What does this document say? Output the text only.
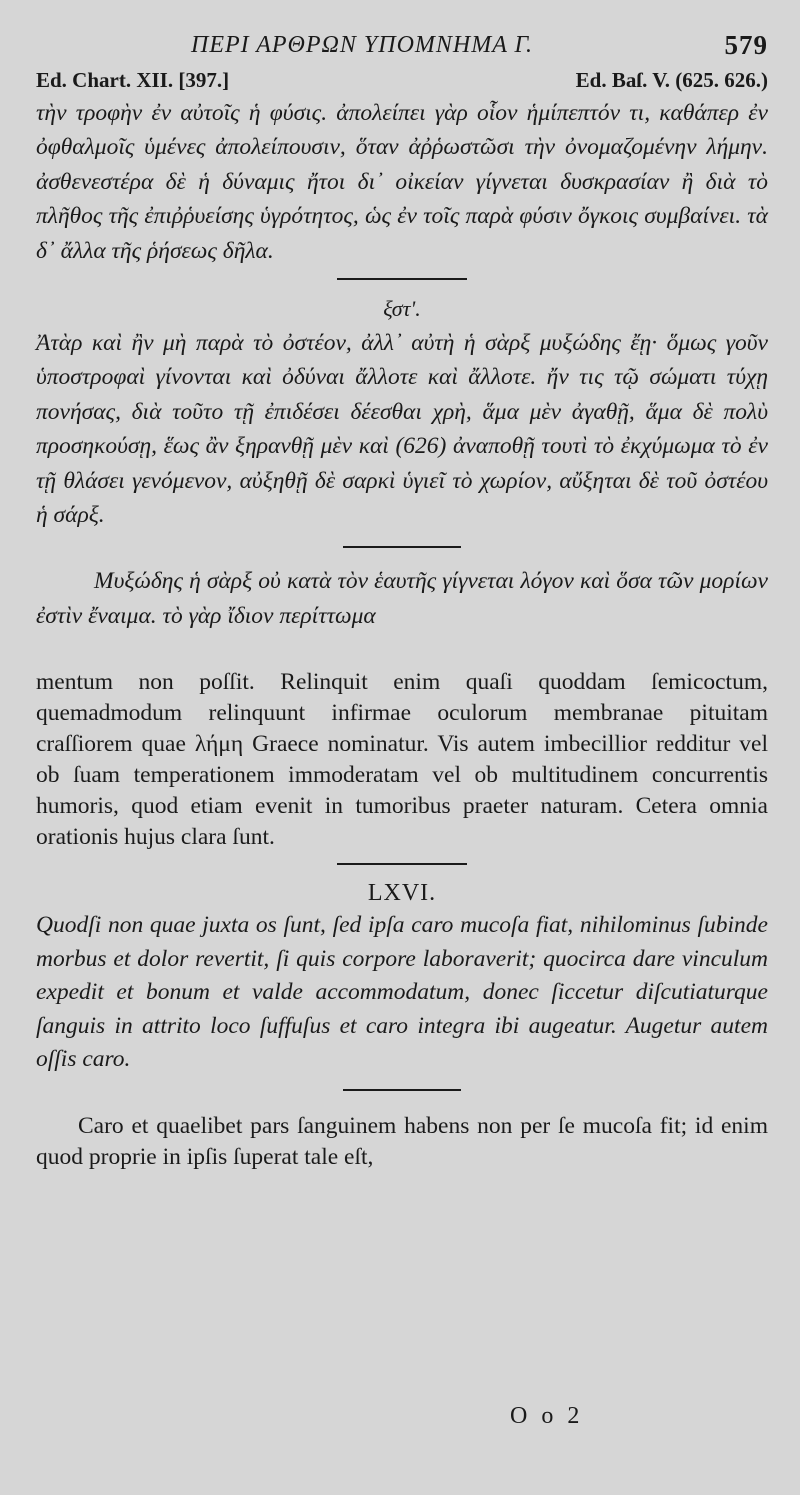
ΠΕΡΙ ΑΡΘΡΩΝ ΥΠΟΜΝΗΜΑ Γ.	579
Ed. Chart. XII. [397.]	Ed. Baſ. V. (625. 626.)

τὴν τροφὴν ἐν αὐτοῖς ἡ φύσις. ἀπολείπει γὰρ οἷον ἡμίπεπτόν τι, καθάπερ ἐν ὀφθαλμοῖς ὑμένες ἀπολείπουσιν, ὅταν ἀῤῥωστῶσι τὴν ὀνομαζομένην λήμην. ἀσθενεστέρα δὲ ἡ δύναμις ἤτοι δι᾽ οἰκείαν γίγνεται δυσκρασίαν ἢ διὰ τὸ πλῆθος τῆς ἐπιῤῥυείσης ὑγρότητος, ὡς ἐν τοῖς παρὰ φύσιν ὄγκοις συμβαίνει. τὰ δ᾽ ἄλλα τῆς ῥήσεως δῆλα.

ξστ'.

Ἀτὰρ καὶ ἢν μὴ παρὰ τὸ ὀστέον, ἀλλ᾽ αὐτὴ ἡ σὰρξ μυξώδης ἔῃ· ὅμως γοῦν ὑποστροφαὶ γίνονται καὶ ὀδύναι ἄλλοτε καὶ ἄλλοτε. ἤν τις τῷ σώματι τύχῃ πονήσας, διὰ τοῦτο τῇ ἐπιδέσει δέεσθαι χρὴ, ἅμα μὲν ἀγαθῇ, ἅμα δὲ πολὺ προσηκούσῃ, ἕως ἂν ξηρανθῇ μὲν καὶ (626) ἀναποθῇ τουτὶ τὸ ἐκχύμωμα τὸ ἐν τῇ θλάσει γενόμενον, αὐξηθῇ δὲ σαρκὶ ὑγιεῖ τὸ χωρίον, αὔξηται δὲ τοῦ ὀστέου ἡ σάρξ.

Μυξώδης ἡ σὰρξ οὐ κατὰ τὸν ἑαυτῆς γίγνεται λόγον καὶ ὅσα τῶν μορίων ἐστὶν ἔναιμα. τὸ γὰρ ἴδιον περίττωμα

mentum non poſſit. Relinquit enim quaſi quoddam ſemicoctum, quemadmodum relinquunt infirmae oculorum membranae pituitam craſſiorem quae λήμη Graece nominatur. Vis autem imbecillior redditur vel ob ſuam temperationem immoderatam vel ob multitudinem concurrentis humoris, quod etiam evenit in tumoribus praeter naturam. Cetera omnia orationis hujus clara ſunt.

LXVI.

Quodſi non quae juxta os ſunt, ſed ipſa caro mucoſa fiat, nihilominus ſubinde morbus et dolor revertit, ſi quis corpore laboraverit; quocirca dare vinculum expedit et bonum et valde accommodatum, donec ſiccetur diſcutiaturque ſanguis in attrito loco ſuffuſus et caro integra ibi augeatur. Augetur autem oſſis caro.

Caro et quaelibet pars ſanguinem habens non per ſe mucoſa fit; id enim quod proprie in ipſis ſuperat tale eſt,

O o 2
